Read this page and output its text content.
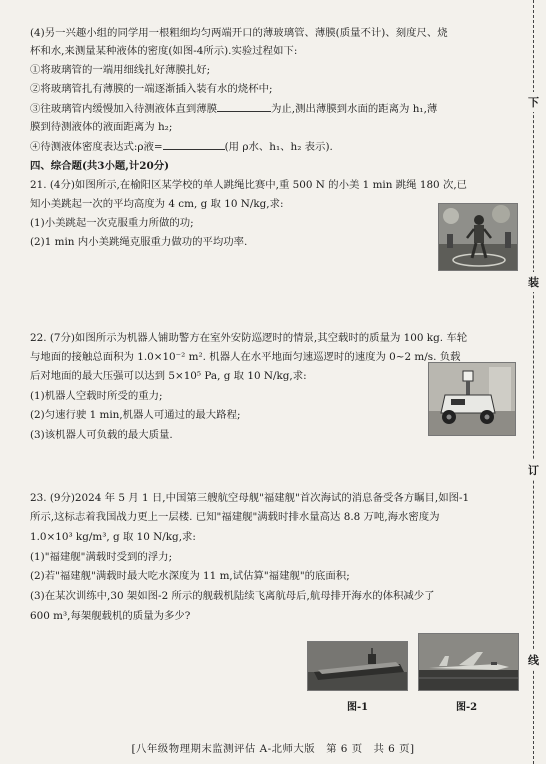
(4)另一兴趣小组的同学用一根粗细均匀两端开口的薄玻璃管、薄膜(质量不计)、刻度尺、烧
杯和水,来测量某种液体的密度(如图-4所示).实验过程如下:
①将玻璃管的一端用细线扎好薄膜扎好;
②将玻璃管扎有薄膜的一端逐渐插入装有水的烧杯中;
③往玻璃管内缓慢加入待测液体直到薄膜	为止,测出薄膜到水面的距离为 h₁,薄
膜到待测液体的液面距离为 h₂;
④待测液体密度表达式:ρ液=	(用 ρ水、h₁、h₂ 表示).
四、综合题(共3小题,计20分)
21. (4分)如图所示,在榆阳区某学校的单人跳绳比赛中,重 500 N 的小美 1 min 跳绳 180 次,已
知小美跳起一次的平均高度为 4 cm, g 取 10 N/kg,求:
(1)小美跳起一次克服重力所做的功;
(2)1 min 内小美跳绳克服重力做功的平均功率.
22. (7分)如图所示为机器人铺助警方在室外安防巡逻时的情景,其空载时的质量为 100 kg. 车轮
与地面的接触总面积为 1.0×10⁻² m². 机器人在水平地面匀速巡逻时的速度为 0~2 m/s. 负载
后对地面的最大压强可以达到 5×10⁵ Pa, g 取 10 N/kg,求:
(1)机器人空载时所受的重力;
(2)匀速行驶 1 min,机器人可通过的最大路程;
(3)该机器人可负载的最大质量.
23. (9分)2024 年 5 月 1 日,中国第三艘航空母舰"福建舰"首次海试的消息备受各方瞩目,如图-1
所示,这标志着我国战力更上一层楼. 已知"福建舰"满载时排水量高达 8.8 万吨,海水密度为
1.0×10³ kg/m³, g 取 10 N/kg,求:
(1)"福建舰"满载时受到的浮力;
(2)若"福建舰"满载时最大吃水深度为 11 m,试估算"福建舰"的底面积;
(3)在某次训练中,30 架如图-2 所示的舰载机陆续飞离航母后,航母排开海水的体积减少了
600 m³,每架舰载机的质量为多少?
图-1	图-2
[八年级物理期末监测评估 A-北师大版　第 6 页　共 6 页]
下
装
订
线
